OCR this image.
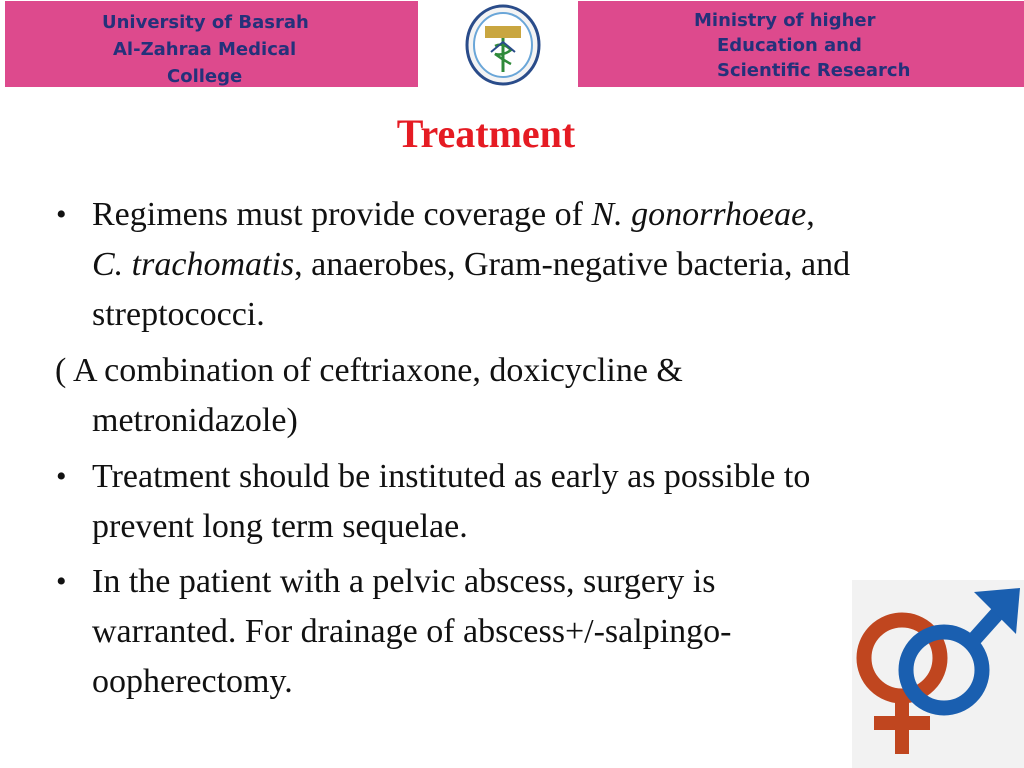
University of Basrah
Al-Zahraa Medical
College
Ministry of higher
Education and
Scientific Research
Treatment
• Regimens must provide coverage of N. gonorrhoeae,
C. trachomatis, anaerobes, Gram-negative bacteria, and
streptococci.
( A combination of ceftriaxone, doxicycline &
metronidazole)
• Treatment should be instituted as early as possible to
prevent long term sequelae.
• In the patient with a pelvic abscess, surgery is
warranted. For drainage of abscess+/-salpingo-
oopherectomy.
